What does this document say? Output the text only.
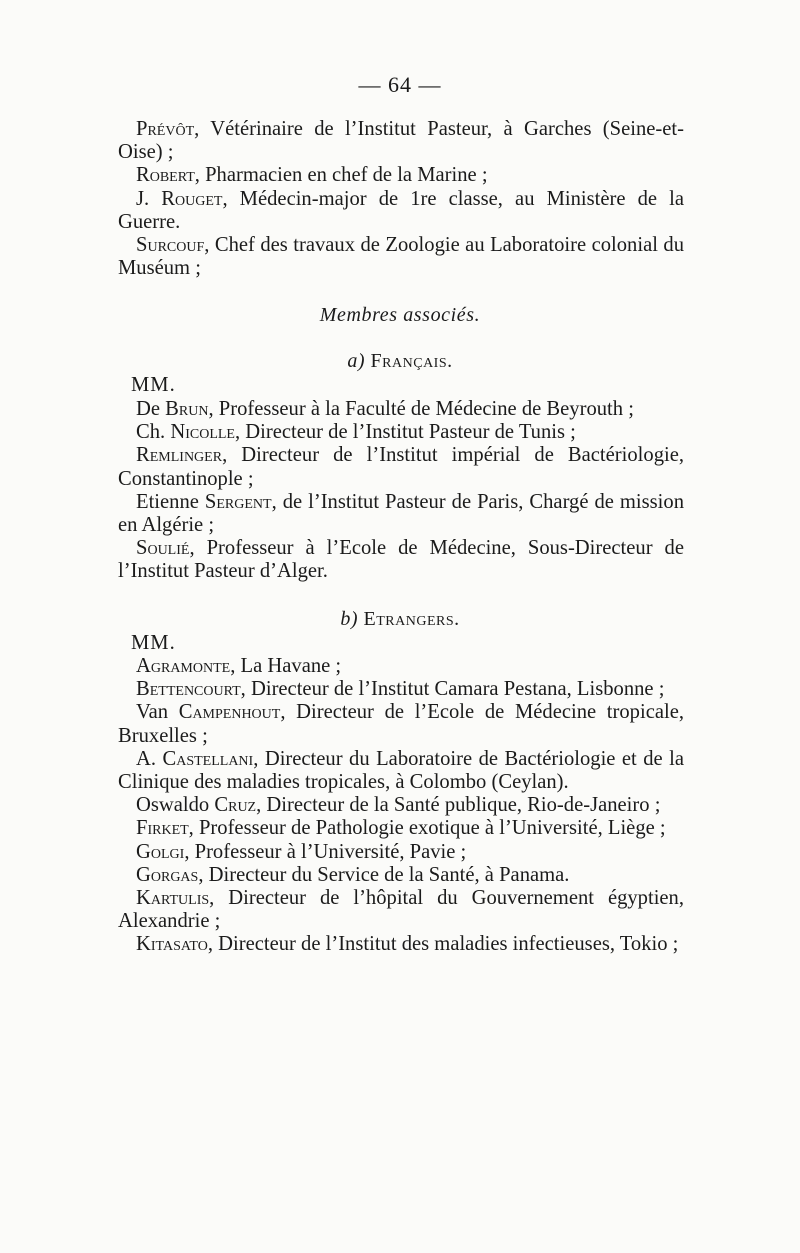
— 64 —

Prévôt, Vétérinaire de l’Institut Pasteur, à Garches (Seine-et-Oise) ;

Robert, Pharmacien en chef de la Marine ;

J. Rouget, Médecin-major de 1re classe, au Ministère de la Guerre.

Surcouf, Chef des travaux de Zoologie au Laboratoire colonial du Muséum ;

Membres associés.
a) Français.
MM.

De Brun, Professeur à la Faculté de Médecine de Beyrouth ;

Ch. Nicolle, Directeur de l’Institut Pasteur de Tunis ;

Remlinger, Directeur de l’Institut impérial de Bactériologie, Constantinople ;

Etienne Sergent, de l’Institut Pasteur de Paris, Chargé de mission en Algérie ;

Soulié, Professeur à l’Ecole de Médecine, Sous-Directeur de l’Institut Pasteur d’Alger.

b) Etrangers.
MM.

Agramonte, La Havane ;

Bettencourt, Directeur de l’Institut Camara Pestana, Lisbonne ;

Van Campenhout, Directeur de l’Ecole de Médecine tropicale, Bruxelles ;

A. Castellani, Directeur du Laboratoire de Bactériologie et de la Clinique des maladies tropicales, à Colombo (Ceylan).

Oswaldo Cruz, Directeur de la Santé publique, Rio-de-Janeiro ;

Firket, Professeur de Pathologie exotique à l’Université, Liège ;

Golgi, Professeur à l’Université, Pavie ;

Gorgas, Directeur du Service de la Santé, à Panama.

Kartulis, Directeur de l’hôpital du Gouvernement égyptien, Alexandrie ;

Kitasato, Directeur de l’Institut des maladies infectieuses, Tokio ;
